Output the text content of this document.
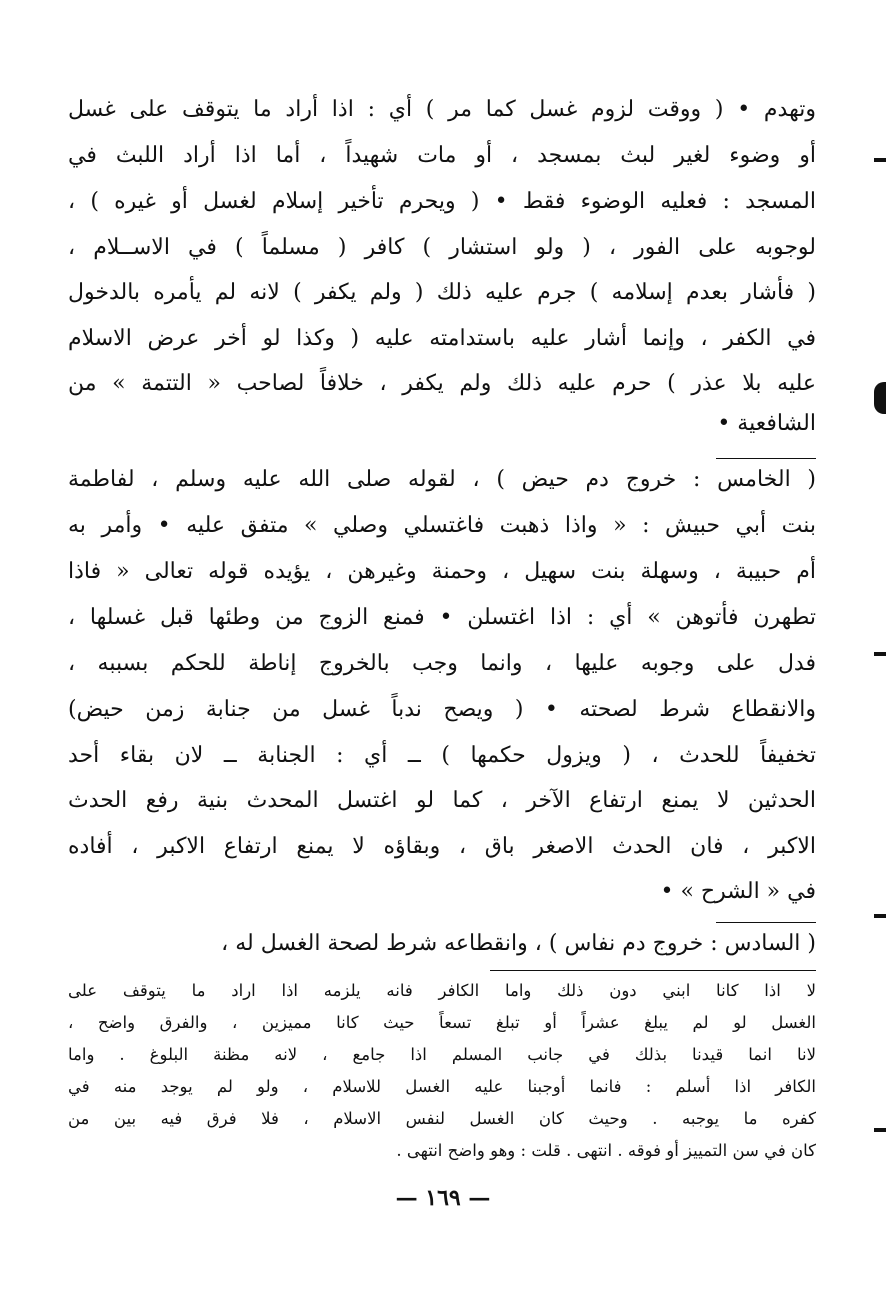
وتهدم • ( ووقت لزوم غسل كما مر ) أي : اذا أراد ما يتوقف على غسل
أو وضوء لغير لبث بمسجد ، أو مات شهيداً ، أما اذا أراد اللبث في
المسجد : فعليه الوضوء فقط • ( ويحرم تأخير إسلام لغسل أو غيره ) ،
لوجوبه على الفور ، ( ولو استشار ) كافر ( مسلماً ) في الاســلام ،
( فأشار بعدم إسلامه ) جرم عليه ذلك ( ولم يكفر ) لانه لم يأمره بالدخول
في الكفر ، وإنما أشار عليه باستدامته عليه ( وكذا لو أخر عرض الاسلام
عليه بلا عذر ) حرم عليه ذلك ولم يكفر ، خلافاً لصاحب « التتمة » من
الشافعية •
( الخامس : خروج دم حيض ) ، لقوله صلى الله عليه وسلم ، لفاطمة
بنت أبي حبيش : « واذا ذهبت فاغتسلي وصلي » متفق عليه • وأمر به
أم حبيبة ، وسهلة بنت سهيل ، وحمنة وغيرهن ، يؤيده قوله تعالى « فاذا
تطهرن فأتوهن » أي : اذا اغتسلن • فمنع الزوج من وطئها قبل غسلها ،
فدل على وجوبه عليها ، وانما وجب بالخروج إناطة للحكم بسببه ،
والانقطاع شرط لصحته • ( ويصح ندباً غسل من جنابة زمن حيض)
تخفيفاً للحدث ، ( ويزول حكمها ) ــ أي : الجنابة ــ لان بقاء أحد
الحدثين لا يمنع ارتفاع الآخر ، كما لو اغتسل المحدث بنية رفع الحدث
الاكبر ، فان الحدث الاصغر باق ، وبقاؤه لا يمنع ارتفاع الاكبر ، أفاده
في « الشرح » •
( السادس : خروج دم نفاس ) ، وانقطاعه شرط لصحة الغسل له ،
لا اذا كانا ابني دون ذلك واما الكافر فانه يلزمه اذا اراد ما يتوقف على
الغسل لو لم يبلغ عشراً أو تبلغ تسعاً حيث كانا مميزين ، والفرق واضح ،
لانا انما قيدنا بذلك في جانب المسلم اذا جامع ، لانه مظنة البلوغ . واما
الكافر اذا أسلم : فانما أوجبنا عليه الغسل للاسلام ، ولو لم يوجد منه في
كفره ما يوجبه . وحيث كان الغسل لنفس الاسلام ، فلا فرق فيه بين من
كان في سن التمييز أو فوقه . انتهى . قلت : وهو واضح انتهى .
— ١٦٩ —
